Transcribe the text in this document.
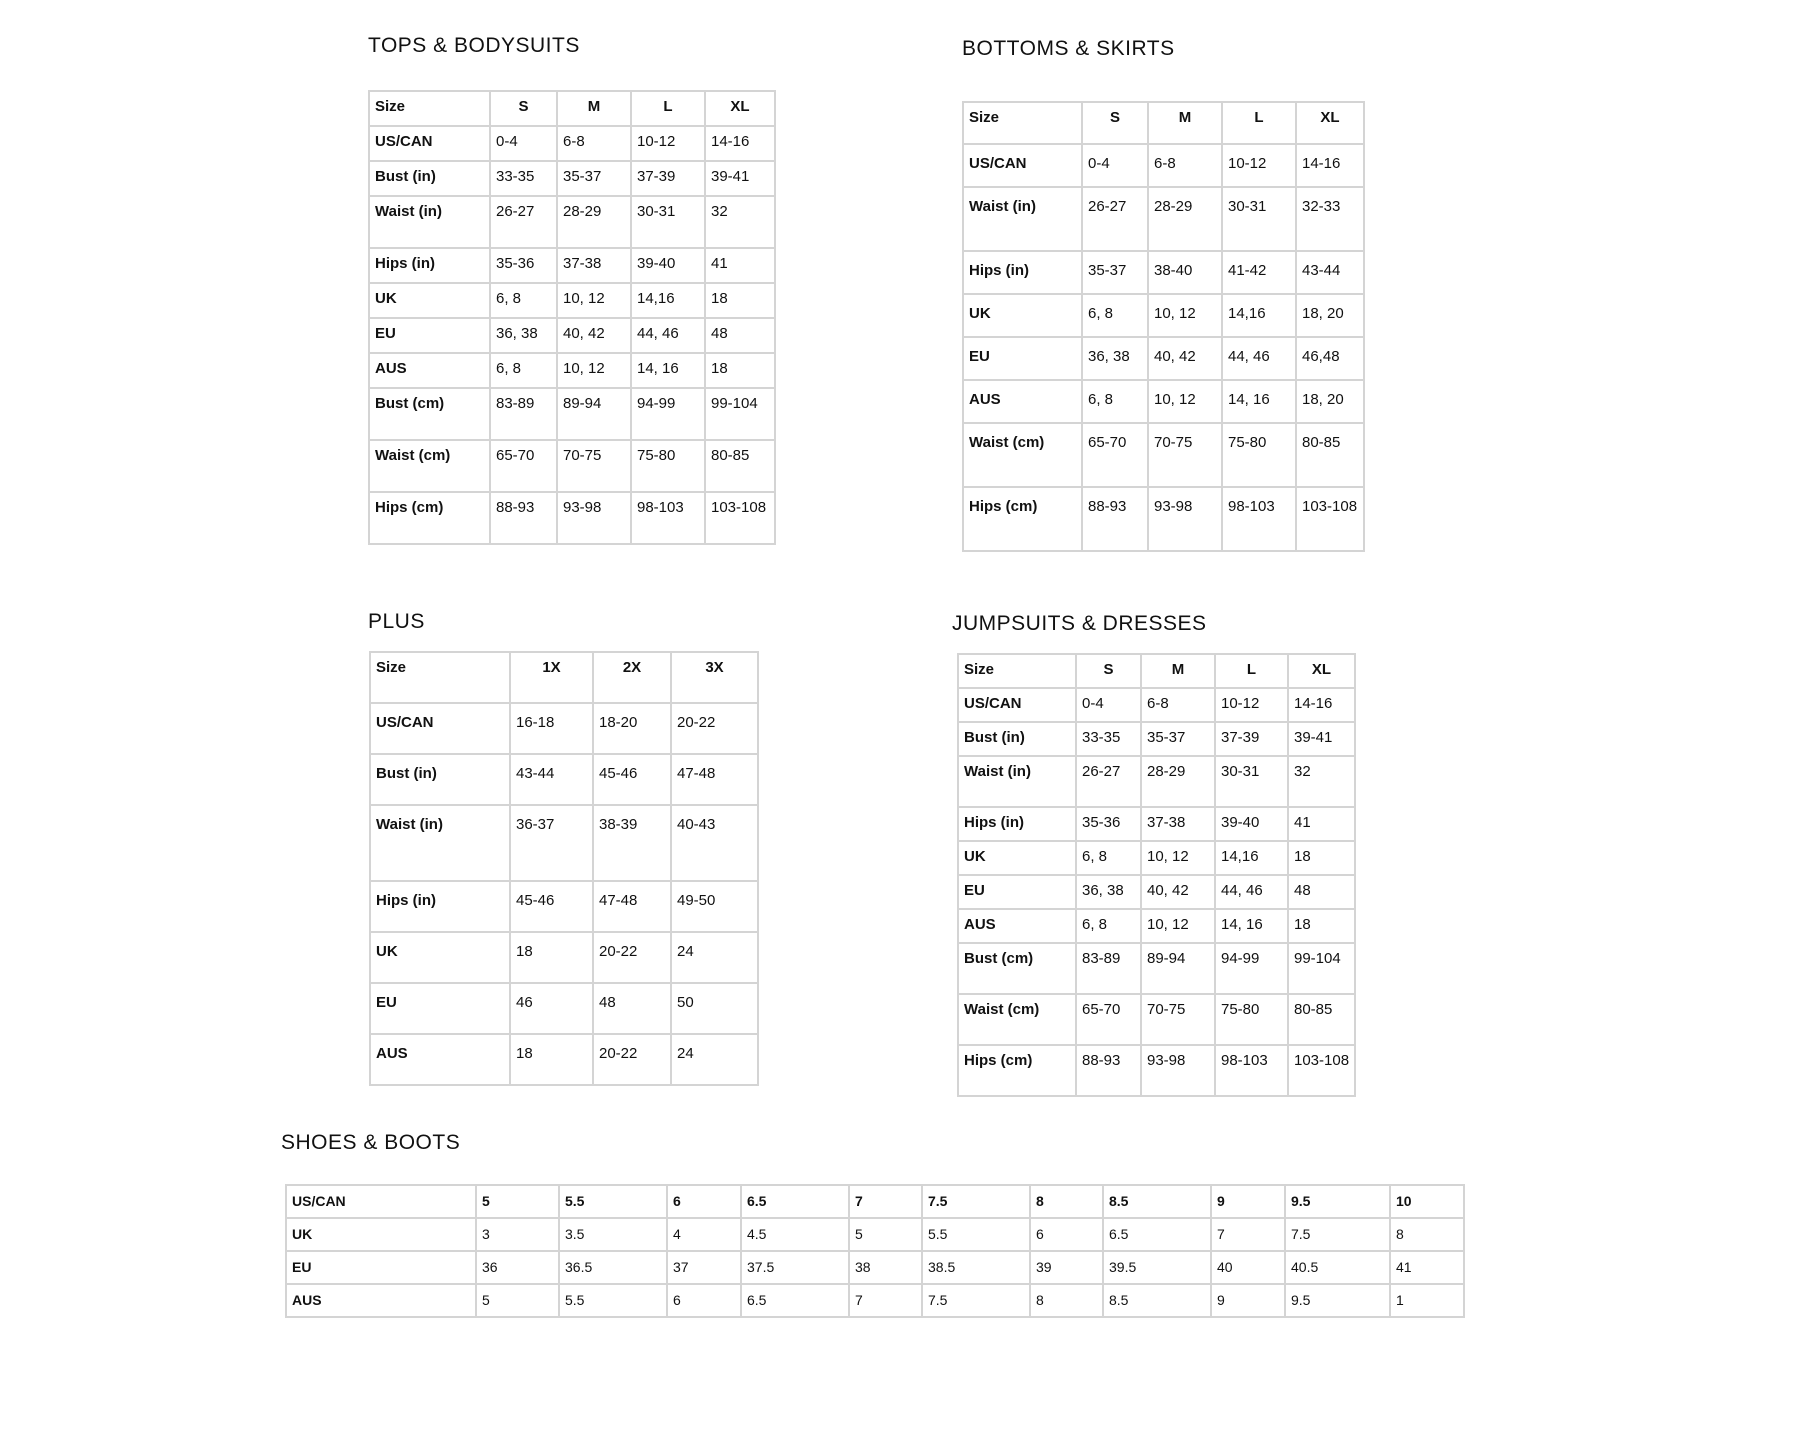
TOPS & BODYSUITS
Size	S	M	L	XL
US/CAN	0-4	6-8	10-12	14-16
Bust (in)	33-35	35-37	37-39	39-41
Waist (in)	26-27	28-29	30-31	32
Hips (in)	35-36	37-38	39-40	41
UK	6, 8	10, 12	14,16	18
EU	36, 38	40, 42	44, 46	48
AUS	6, 8	10, 12	14, 16	18
Bust (cm)	83-89	89-94	94-99	99-104
Waist (cm)	65-70	70-75	75-80	80-85
Hips (cm)	88-93	93-98	98-103	103-108
BOTTOMS & SKIRTS
Size	S	M	L	XL
US/CAN	0-4	6-8	10-12	14-16
Waist (in)	26-27	28-29	30-31	32-33
Hips (in)	35-37	38-40	41-42	43-44
UK	6, 8	10, 12	14,16	18, 20
EU	36, 38	40, 42	44, 46	46,48
AUS	6, 8	10, 12	14, 16	18, 20
Waist (cm)	65-70	70-75	75-80	80-85
Hips (cm)	88-93	93-98	98-103	103-108
PLUS
Size	1X	2X	3X
US/CAN	16-18	18-20	20-22
Bust (in)	43-44	45-46	47-48
Waist (in)	36-37	38-39	40-43
Hips (in)	45-46	47-48	49-50
UK	18	20-22	24
EU	46	48	50
AUS	18	20-22	24
JUMPSUITS & DRESSES
Size	S	M	L	XL
US/CAN	0-4	6-8	10-12	14-16
Bust (in)	33-35	35-37	37-39	39-41
Waist (in)	26-27	28-29	30-31	32
Hips (in)	35-36	37-38	39-40	41
UK	6, 8	10, 12	14,16	18
EU	36, 38	40, 42	44, 46	48
AUS	6, 8	10, 12	14, 16	18
Bust (cm)	83-89	89-94	94-99	99-104
Waist (cm)	65-70	70-75	75-80	80-85
Hips (cm)	88-93	93-98	98-103	103-108
SHOES & BOOTS
US/CAN	5	5.5	6	6.5	7	7.5	8	8.5	9	9.5	10
UK	3	3.5	4	4.5	5	5.5	6	6.5	7	7.5	8
EU	36	36.5	37	37.5	38	38.5	39	39.5	40	40.5	41
AUS	5	5.5	6	6.5	7	7.5	8	8.5	9	9.5	1
